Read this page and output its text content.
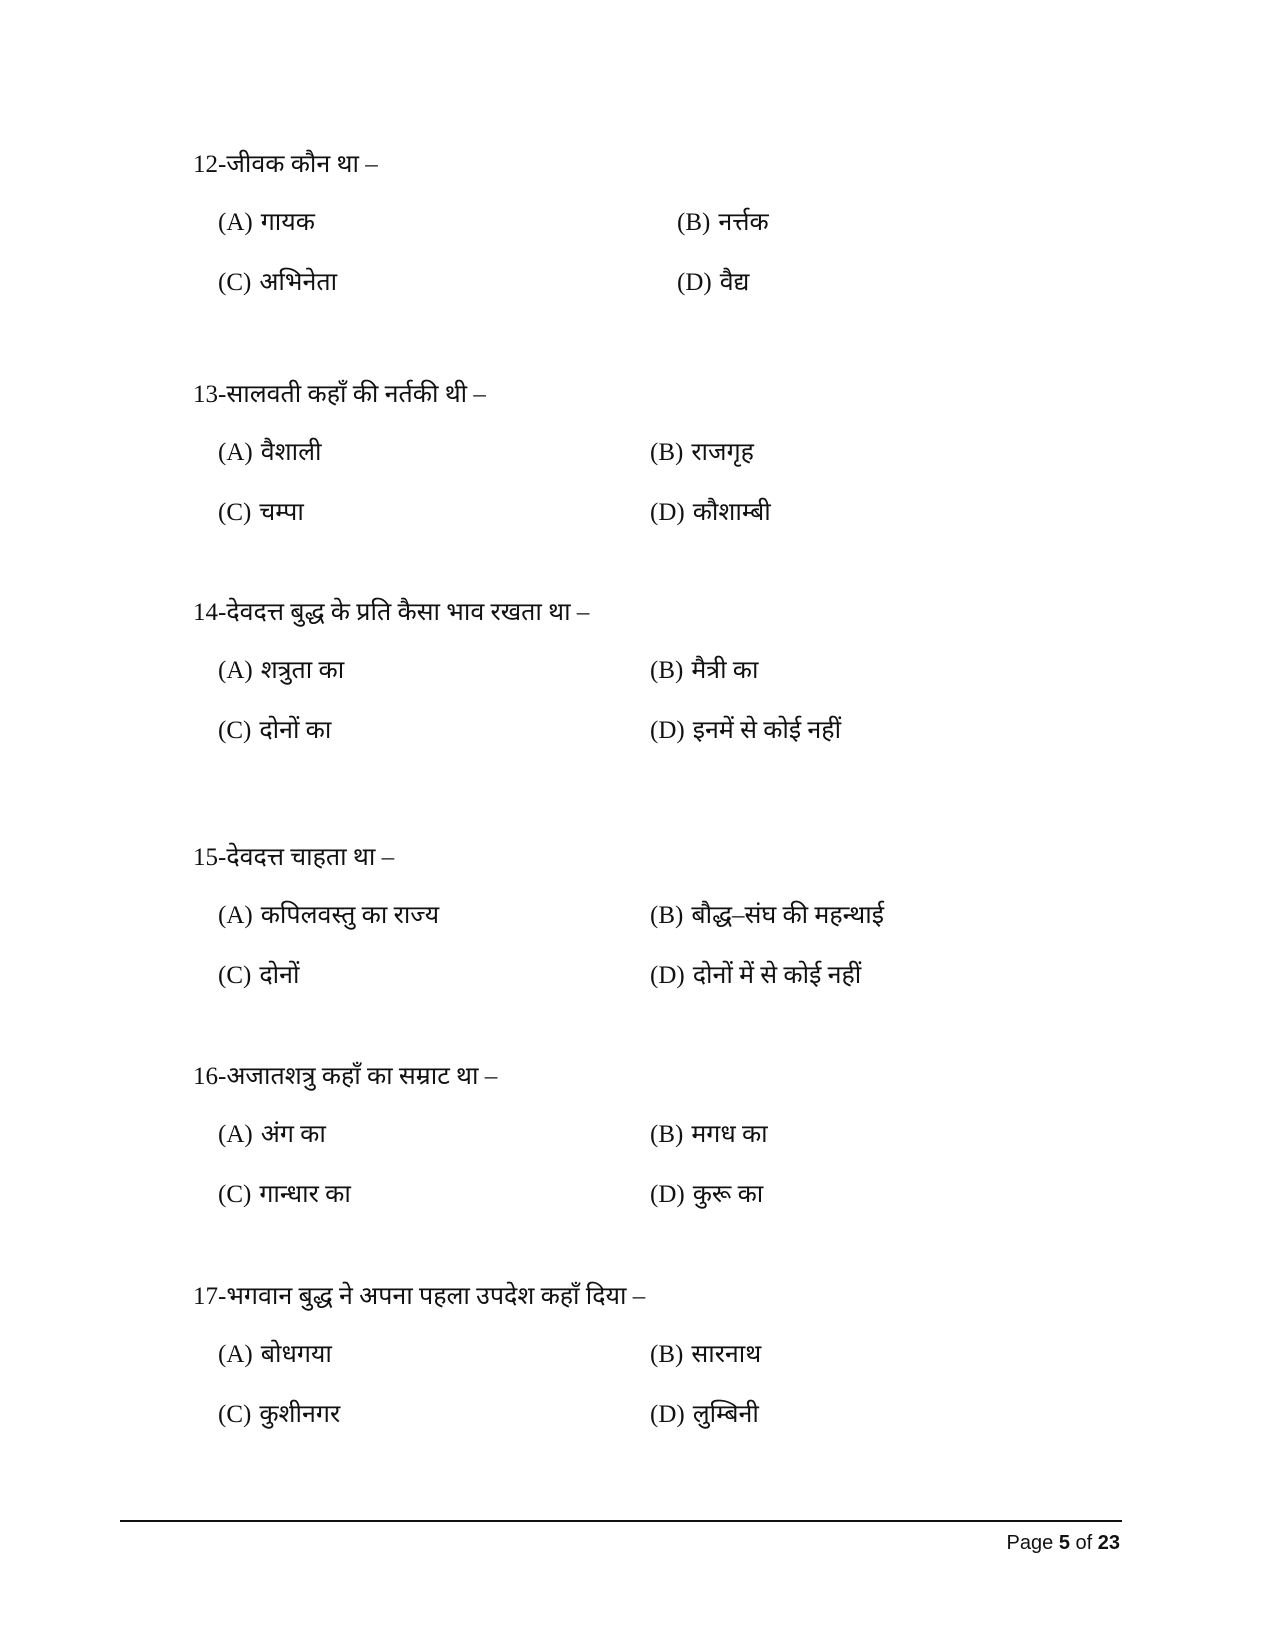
12-जीवक कौन था –
(A) गायक	(B) नर्त्तक
(C) अभिनेता	(D) वैद्य
13-सालवती कहाँ की नर्तकी थी –
(A) वैशाली	(B) राजगृह
(C) चम्पा	(D) कौशाम्बी
14-देवदत्त बुद्ध के प्रति कैसा भाव रखता था –
(A) शत्रुता का	(B) मैत्री का
(C) दोनों का	(D) इनमें से कोई नहीं
15-देवदत्त चाहता था –
(A) कपिलवस्तु का राज्य	(B) बौद्ध–संघ की महन्थाई
(C) दोनों	(D) दोनों में से कोई नहीं
16-अजातशत्रु कहाँ का सम्राट था –
(A) अंग का	(B) मगध का
(C) गान्धार का	(D) कुरू का
17-भगवान बुद्ध ने अपना पहला उपदेश कहाँ दिया –
(A) बोधगया	(B) सारनाथ
(C) कुशीनगर	(D) लुम्बिनी
Page 5 of 23
